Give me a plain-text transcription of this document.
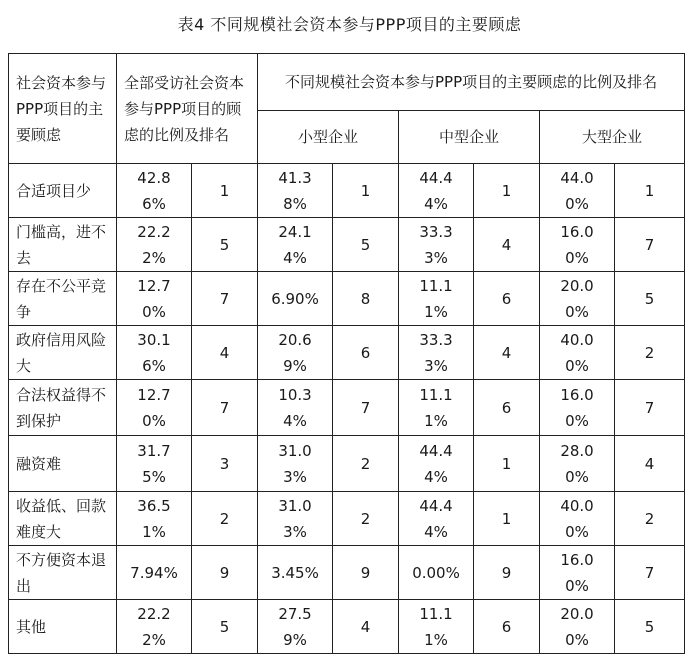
表4 不同规模社会资本参与PPP项目的主要顾虑
社会资本参与PPP项目的主要顾虑	全部受访社会资本参与PPP项目的顾虑的比例及排名		不同规模社会资本参与PPP项目的主要顾虑的比例及排名					
			小型企业		中型企业		大型企业	
合适项目少	42.86%	1	41.38%	1	44.44%	1	44.00%	1
门槛高，进不去	22.22%	5	24.14%	5	33.33%	4	16.00%	7
存在不公平竞争	12.70%	7	6.90%	8	11.11%	6	20.00%	5
政府信用风险大	30.16%	4	20.69%	6	33.33%	4	40.00%	2
合法权益得不到保护	12.70%	7	10.34%	7	11.11%	6	16.00%	7
融资难	31.75%	3	31.03%	2	44.44%	1	28.00%	4
收益低、回款难度大	36.51%	2	31.03%	2	44.44%	1	40.00%	2
不方便资本退出	7.94%	9	3.45%	9	0.00%	9	16.00%	7
其他	22.22%	5	27.59%	4	11.11%	6	20.00%	5
